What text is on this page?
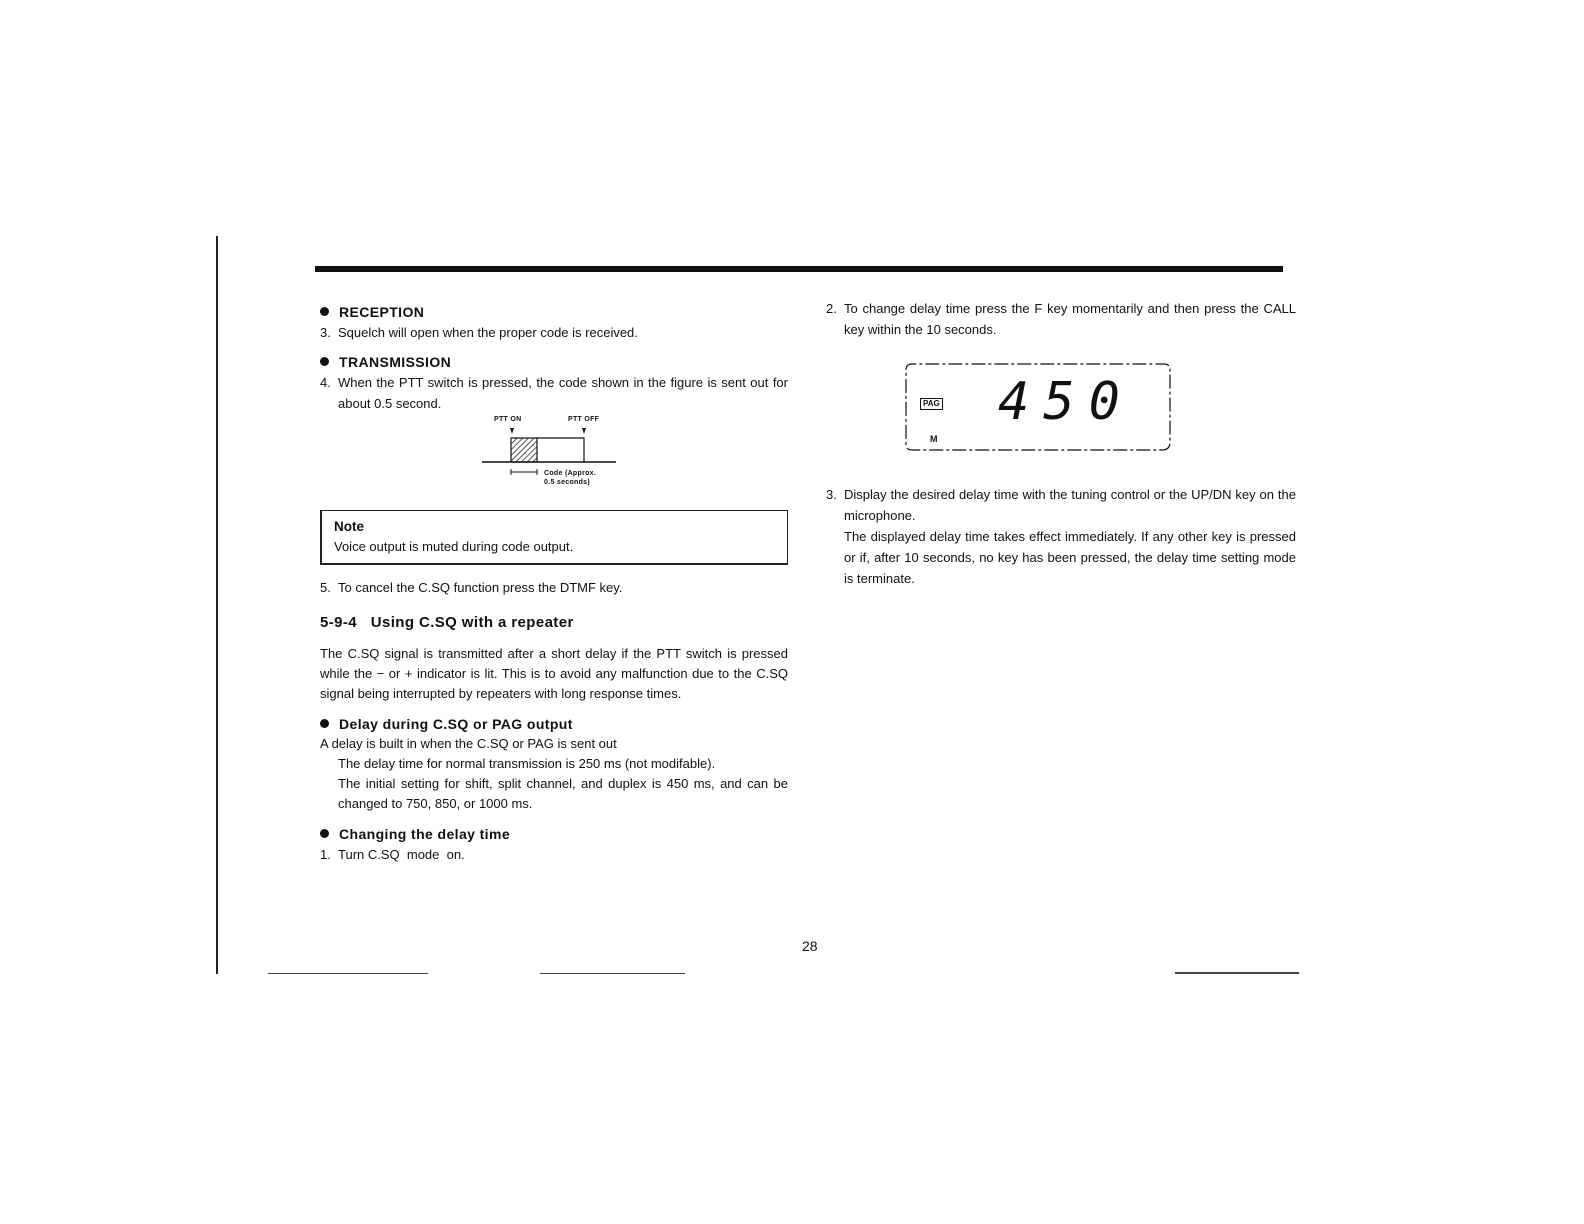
RECEPTION

3. Squelch will open when the proper code is received.

TRANSMISSION

4. When the PTT switch is pressed, the code shown in the figure is sent out for about 0.5 second.
PTT ON	PTT OFF
Code (Approx.
0.5 seconds)
Note
Voice output is muted during code output.
5. To cancel the C.SQ function press the DTMF key.
5-9-4 Using C.SQ with a repeater

The C.SQ signal is transmitted after a short delay if the PTT switch is pressed while the − or + indicator is lit. This is to avoid any malfunction due to the C.SQ signal being interrupted by repeaters with long response times.

Delay during C.SQ or PAG output

A delay is built in when the C.SQ or PAG is sent out

The delay time for normal transmission is 250 ms (not modifable).

The initial setting for shift, split channel, and duplex is 450 ms, and can be changed to 750, 850, or 1000 ms.

Changing the delay time

1. Turn C.SQ  mode  on.
2. To change delay time press the F key momentarily and then press the CALL key within the 10 seconds.
PAG 450
M
3. Display the desired delay time with the tuning control or the UP/DN key on the microphone.

The displayed delay time takes effect immediately. If any other key is pressed or if, after 10 seconds, no key has been pressed, the delay time setting mode is terminate.

28
